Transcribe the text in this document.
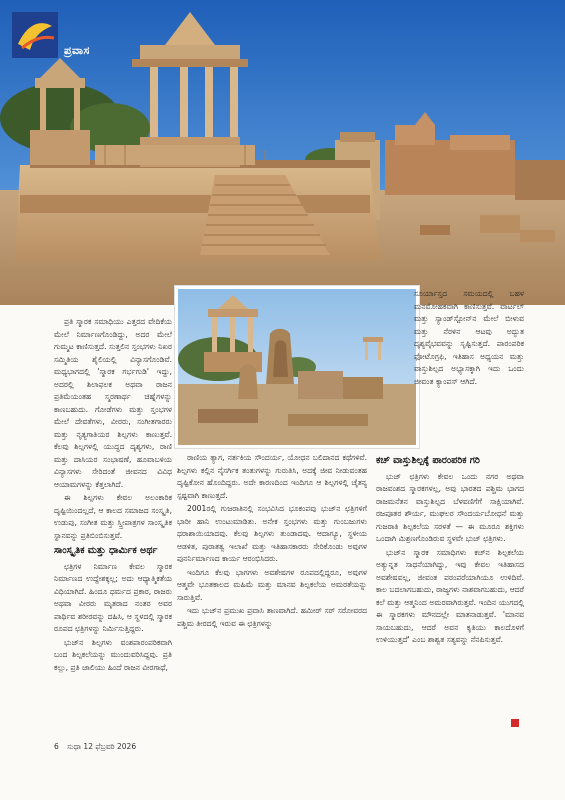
ಪ್ರವಾಸ

ಪ್ರತಿ ಸ್ಮಾರಕ ಸಮಾಧಿಯು ಎತ್ತರದ ವೇದಿಕೆಯ ಮೇಲೆ ನಿರ್ಮಾಣಗೊಂಡಿದ್ದು, ಅದರ ಮೇಲೆ ಗುಮ್ಮಟ ಕಾಣಿಸುತ್ತದೆ. ಸುತ್ತಲಿನ ಸ್ತಂಭಗಳು ನಿಖರ ಸಮ್ಮಿತಿಯ ಶೈಲಿಯಲ್ಲಿ ವಿನ್ಯಾಸಗೊಂಡಿವೆ. ಮಧ್ಯಭಾಗದಲ್ಲಿ 'ಸ್ಮಾರಕ ಗರ್ಭಗುಡಿ' ಇದ್ದು, ಅದರಲ್ಲಿ ಶಿಲಾಫಲಕ ಅಥವಾ ರಾಜನ ಪ್ರತಿಮೆಯಂತಹ ಸ್ಮರಣಾರ್ಥ ಚಿಹ್ನೆಗಳನ್ನು ಕಾಣಬಹುದು. ಗೋಡೆಗಳು ಮತ್ತು ಸ್ತಂಭಗಳ ಮೇಲೆ ದೇವತೆಗಳು, ವೀರರು, ಸಂಗೀತಗಾರರು ಮತ್ತು ನೃತ್ಯಗಾತಿಯರ ಶಿಲ್ಪಗಳು ಕಾಣುತ್ತವೆ. ಕೆಲವು ಶಿಲ್ಪಗಳಲ್ಲಿ ಯುದ್ಧದ ದೃಶ್ಯಗಳು, ರಾಣಿ ಮತ್ತು ದಾಸಿಯರ ಸಂಭಾಷಣೆ, ಹೂವಾಬಳಿಯ ವಿನ್ಯಾಸಗಳು ಸೇರಿದಂತೆ ಜೀವನದ ವಿವಿಧ ಆಯಾಮಗಳನ್ನು ಕೆತ್ತಲಾಗಿದೆ.

ಈ ಶಿಲ್ಪಗಳು ಕೇವಲ ಅಲಂಕಾರಿಕ ದೃಷ್ಟಿಯಿಂದಲ್ಲದೆ, ಆ ಕಾಲದ ಸಮಾಜದ ಸಂಸ್ಕೃತಿ, ಉಡುಪು, ಸಂಗೀತ ಮತ್ತು ಸ್ತ್ರೀಪಾತ್ರಗಳ ಸಾಂಸ್ಕೃತಿಕ ಸ್ಥಾನವನ್ನು ಪ್ರತಿಬಿಂಬಿಸುತ್ತವೆ.

ಸಾಂಸ್ಕೃತಿಕ ಮತ್ತು ಧಾರ್ಮಿಕ ಅರ್ಥ

ಛತ್ರಿಗಳ ನಿರ್ಮಾಣ ಕೇವಲ ಸ್ಮಾರಕ ನಿರ್ಮಾಣದ ಉದ್ದೇಶಕ್ಕಲ್ಲ; ಅದು ಆಧ್ಯಾತ್ಮಿಕತೆಯ ವಿಧಿಯಾಗಿದೆ. ಹಿಂದೂ ಧರ್ಮದ ಪ್ರಕಾರ, ರಾಜರು ಅಥವಾ ವೀರರು ಮೃತರಾದ ನಂತರ ಅವರ ಪಾರ್ಥಿವ ಶರೀರವನ್ನು ದಹಿಸಿ, ಆ ಸ್ಥಳದಲ್ಲಿ ಸ್ಮಾರಕ ರೂಪದ ಛತ್ರಿಗಳನ್ನು ನಿರ್ಮಿಸುತ್ತಿದ್ದರು.

ಭುಜ್‌ನ ಶಿಲ್ಪಗಳು ವಂಶಪಾರಂಪರಿಕವಾಗಿ ಬಂದ ಶಿಲ್ಪಕಲೆಯನ್ನು ಮುಂದುವರಿಸಿದ್ದವು. ಪ್ರತಿ ಕಲ್ಲು, ಪ್ರತಿ ಜಾಲಿಯು ಹಿಂದೆ ರಾಜನ ವೀರಗಾಥೆ,

ರಾಣಿಯ ತ್ಯಾಗ, ನರ್ತಕಿಯ ಸೌಂದರ್ಯ, ಯೋಧನ ಬಲಿದಾನದ ಕಥೆಗಳಿವೆ. ಶಿಲ್ಪಗಳು ಕಲ್ಲಿನ ನೈಸರ್ಗಿಕ ತಂತುಗಳನ್ನು ಗುರುತಿಸಿ, ಅದಕ್ಕೆ ಜೀವ ನೀಡುವಂತಹ ದೃಷ್ಟಿಕೋನ ಹೊಂದಿದ್ದರು. ಅದೇ ಕಾರಣದಿಂದ ಇಂದಿಗೂ ಆ ಶಿಲ್ಪಗಳಲ್ಲಿ ಚೈತನ್ಯ ಸ್ಪಷ್ಟವಾಗಿ ಕಾಣುತ್ತದೆ.

2001ರಲ್ಲಿ ಗುಜರಾತಿನಲ್ಲಿ ಸಂಭವಿಸಿದ ಭೂಕಂಪವು ಭುಜ್‌ನ ಛತ್ರಿಗಳಿಗೆ ಭಾರೀ ಹಾನಿ ಉಂಟುಮಾಡಿತು. ಅನೇಕ ಸ್ತಂಭಗಳು ಮತ್ತು ಗುಂಬಜುಗಳು ಧರಾಶಾಯಿಯಾದವು. ಕೆಲವು ಶಿಲ್ಪಗಳು ತುಂಡಾದವು. ಆದಾಗ್ಯೂ, ಸ್ಥಳೀಯ ಆಡಳಿತ, ಪುರಾತತ್ವ ಇಲಾಖೆ ಮತ್ತು ಇತಿಹಾಸಕಾರರು ಸೇರಿಕೊಂಡು ಅವುಗಳ ಪುನರ್ನಿರ್ಮಾಣದ ಕಾರ್ಯ ಆರಂಭಿಸಿದರು.

ಇಂದಿಗೂ ಕೆಲವು ಭಾಗಗಳು ಅವಶೇಷಗಳ ರೂಪದಲ್ಲಿದ್ದರೂ, ಅವುಗಳ ಆತ್ಮವೇ ಭೂತಕಾಲದ ಮಹಿಮೆ ಮತ್ತು ಮಾನವ ಶಿಲ್ಪಕಲೆಯ ಅಮರತೆಯನ್ನು ಸಾರುತ್ತಿವೆ.

ಇದು ಭುಜ್‌ನ ಪ್ರಮುಖ ಪ್ರವಾಸಿ ತಾಣವಾಗಿದೆ. ಹಮೀರ್ ಸರ್ ಸರೋವರದ ಪಶ್ಚಿಮ ತೀರದಲ್ಲಿ ಇರುವ ಈ ಛತ್ರಿಗಳನ್ನು

ಸೂರ್ಯಾಸ್ತದ ಸಮಯದಲ್ಲಿ ಬಹಳ ಮನಮೋಹಕವಾಗಿ ಕಾಣಿಸುತ್ತವೆ. ವಾರ್ಟಲ್ ಮತ್ತು ಸ್ಯಾಂಡ್‌ಸ್ಟೋನ್‌ನ ಮೇಲೆ ಬೀಳುವ ಮತ್ತು ನೆರಳಿನ ಆಟವು ಅದ್ಭುತ ದೃಶ್ಯವೈಭವವನ್ನು ಸೃಷ್ಟಿಸುತ್ತದೆ. ಪಾರಂಪರಿಕ ಫೋಟೊಗ್ರಫಿ, ಇತಿಹಾಸ ಅಧ್ಯಯನ ಮತ್ತು ವಾಸ್ತುಶಿಲ್ಪದ ಅಭ್ಯಾಸಕ್ಕಾಗಿ ಇದು ಒಂದು ಜೀವಂತ ಕ್ಯಾಂಪಸ್ ಆಗಿದೆ.

ಕಚ್ ವಾಸ್ತುಶಿಲ್ಪಕ್ಕೆ ಪಾರಂಪರಿಕ ಗರಿ

ಭುಜ್ ಛತ್ರಿಗಳು ಕೇವಲ ಒಂದು ನಗರ ಅಥವಾ ರಾಜವಂಶದ ಸ್ಮಾರಕಗಳಲ್ಲ, ಅವು ಭಾರತದ ಪಶ್ಚಿಮ ಭಾಗದ ರಾಜಮನೆತನ ವಾಸ್ತುಶಿಲ್ಪದ ಬೆಳವಣಿಗೆಗೆ ಸಾಕ್ಷಿಯಾಗಿವೆ. ರಜಪೂತರ ಶೌರ್ಯ, ಮುಘಲರ ಸೌಂದರ್ಯಬೋಧನೆ ಮತ್ತು ಗುಜರಾತಿ ಶಿಲ್ಪಕಲೆಯ ಸರಳತೆ — ಈ ಮೂರೂ ಶಕ್ತಿಗಳು ಒಂದಾಗಿ ಮಿಶ್ರಣಗೊಂಡಿರುವ ಸ್ಥಳವೇ ಭುಜ್ ಛತ್ರಿಗಳು.

ಭುಜ್‌ನ ಸ್ಮಾರಕ ಸಮಾಧಿಗಳು ಕಚ್‌ನ ಶಿಲ್ಪಕಲೆಯ ಅತ್ಯುನ್ನತ ಸಾಧನೆಯಾಗಿದ್ದು, ಇವು ಕೇವಲ ಇತಿಹಾಸದ ಅವಶೇಷವಲ್ಲ, ಜೀವಂತ ಪರಂಪರೆಯಾಗಿಯೂ ಉಳಿದಿವೆ. ಕಾಲ ಬದಲಾಗಬಹುದು, ರಾಜ್ಯಗಳು ನಾಶವಾಗಬಹುದು, ಆದರೆ ಕಲೆ ಮತ್ತು ಆತ್ಮನಿಂದ ಅಮರವಾಗಿರುತ್ತವೆ. ಇಂದಿನ ಯುಗದಲ್ಲಿ ಈ ಸ್ಮಾರಕಗಳು ಮೌನದಲ್ಲೇ ಮಾತನಾಡುತ್ತವೆ. 'ಮಾನವ ಸಾಯಬಹುದು, ಆದರೆ ಅವನ ಕೃತಿಯು ಕಾಲದೊಳಗೆ ಉಳಿಯುತ್ತದೆ' ಎಂಬ ಶಾಶ್ವತ ಸತ್ಯವನ್ನು ನೆನಪಿಸುತ್ತವೆ.

6 ಸುಧಾ 12 ಫೆಬ್ರವರಿ 2026
